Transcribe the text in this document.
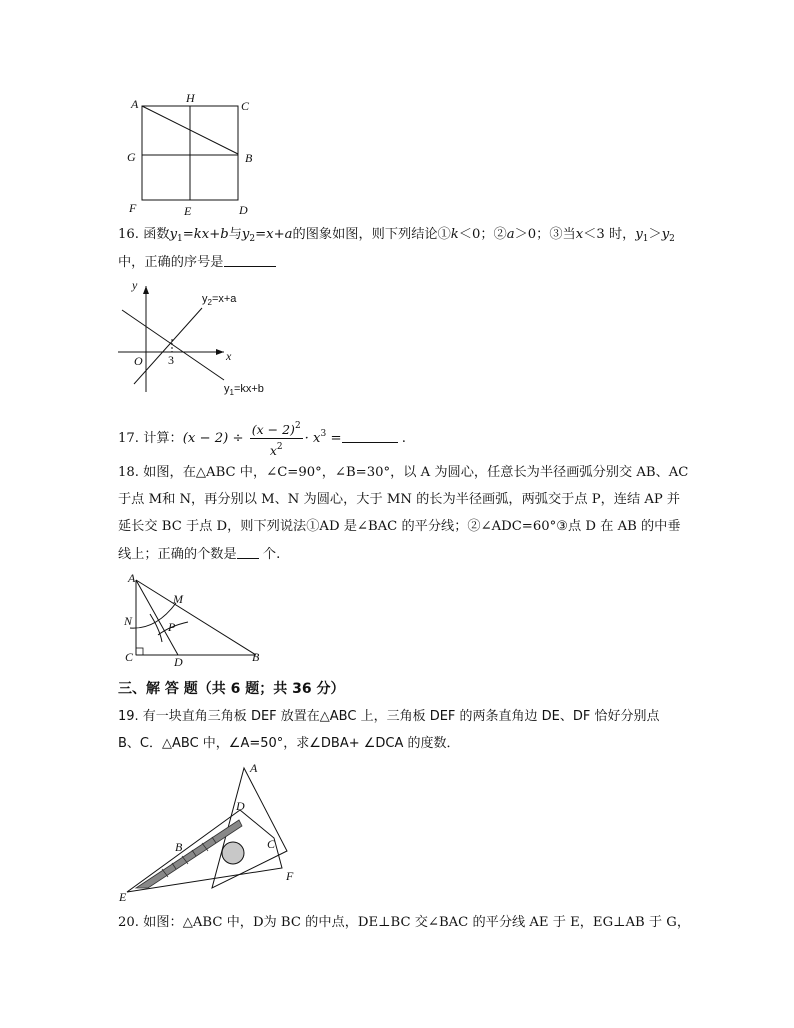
A	H
C
G	B
F	E	D
16. 函数$y_1=kx+b$与$y_2=x+a$的图象如图，则下列结论①k＜0；②a＞0；③当x＜3 时，$y_1>y_2$
中，正确的序号是
y
x
O 3
$y_2=x+a$
$y_1=kx+b$
17. 计算：$(x - 2) \div \frac{(x - 2)^2}{x^2} \cdot x^3$ =	.
18. 如图，在△ABC 中，∠C=90°，∠B=30°，以 A 为圆心，任意长为半径画弧分别交 AB、AC
于点 M和 N，再分别以 M、N 为圆心，大于 MN 的长为半径画弧，两弧交于点 P，连结 AP 并
延长交 BC 于点 D，则下列说法①AD 是∠BAC 的平分线；②∠ADC=60°③点 D 在 AB 的中垂
线上；正确的个数是 个.
A
M
N	P
C	D	B
三、解 答 题（共 6 题；共 36 分）
19. 有一块直角三角板 DEF 放置在△ABC 上，三角板 DEF 的两条直角边 DE、DF 恰好分别点
B、C．△ABC 中，∠A=50°，求∠DBA+ ∠DCA 的度数．
A
D
B	C
E
F
20. 如图：△ABC 中，D为 BC 的中点，DE⊥BC 交∠BAC 的平分线 AE 于 E，EG⊥AB 于 G，
